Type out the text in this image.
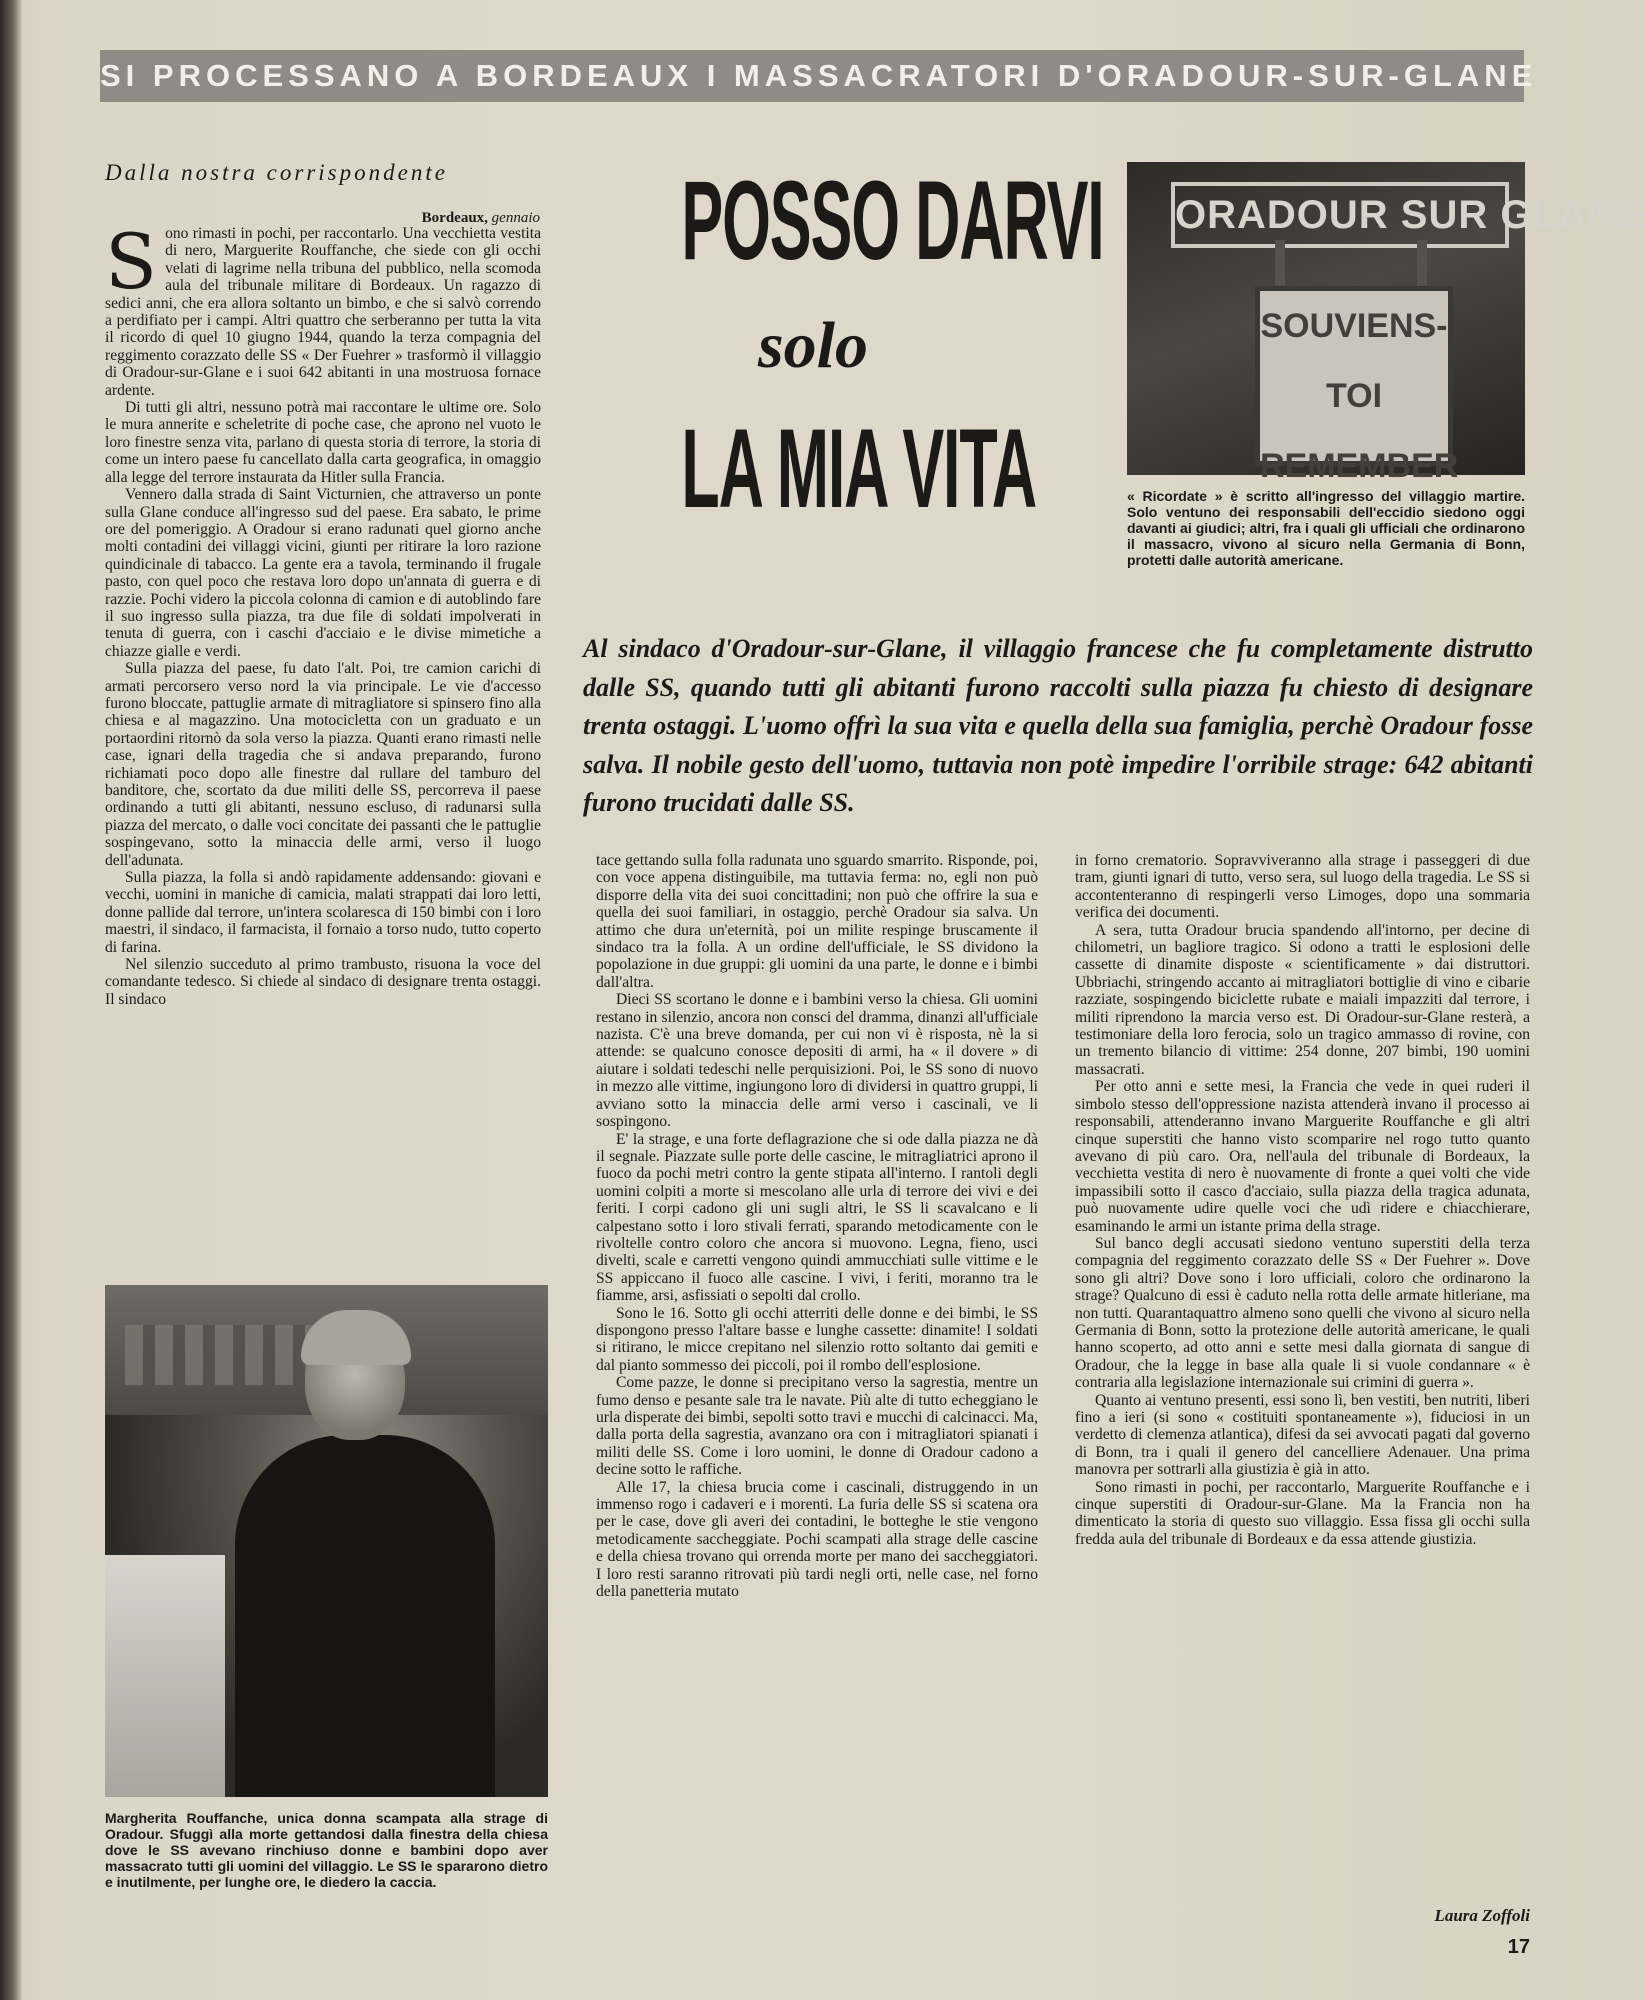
SI PROCESSANO A BORDEAUX I MASSACRATORI D'ORADOUR-SUR-GLANE
Dalla nostra corrispondente
Bordeaux, gennaio

Sono rimasti in pochi, per raccontarlo. Una vecchietta vestita di nero, Marguerite Rouffanche, che siede con gli occhi velati di lagrime nella tribuna del pubblico, nella scomoda aula del tribunale militare di Bordeaux. Un ragazzo di sedici anni, che era allora soltanto un bimbo, e che si salvò correndo a perdifiato per i campi. Altri quattro che serberanno per tutta la vita il ricordo di quel 10 giugno 1944, quando la terza compagnia del reggimento corazzato delle SS « Der Fuehrer » trasformò il villaggio di Oradour-sur-Glane e i suoi 642 abitanti in una mostruosa fornace ardente.

Di tutti gli altri, nessuno potrà mai raccontare le ultime ore. Solo le mura annerite e scheletrite di poche case, che aprono nel vuoto le loro finestre senza vita, parlano di questa storia di terrore, la storia di come un intero paese fu cancellato dalla carta geografica, in omaggio alla legge del terrore instaurata da Hitler sulla Francia.

Vennero dalla strada di Saint Victurnien, che attraverso un ponte sulla Glane conduce all'ingresso sud del paese. Era sabato, le prime ore del pomeriggio. A Oradour si erano radunati quel giorno anche molti contadini dei villaggi vicini, giunti per ritirare la loro razione quindicinale di tabacco. La gente era a tavola, terminando il frugale pasto, con quel poco che restava loro dopo un'annata di guerra e di razzie. Pochi videro la piccola colonna di camion e di autoblindo fare il suo ingresso sulla piazza, tra due file di soldati impolverati in tenuta di guerra, con i caschi d'acciaio e le divise mimetiche a chiazze gialle e verdi.

Sulla piazza del paese, fu dato l'alt. Poi, tre camion carichi di armati percorsero verso nord la via principale. Le vie d'accesso furono bloccate, pattuglie armate di mitragliatore si spinsero fino alla chiesa e al magazzino. Una motocicletta con un graduato e un portaordini ritornò da sola verso la piazza. Quanti erano rimasti nelle case, ignari della tragedia che si andava preparando, furono richiamati poco dopo alle finestre dal rullare del tamburo del banditore, che, scortato da due militi delle SS, percorreva il paese ordinando a tutti gli abitanti, nessuno escluso, di radunarsi sulla piazza del mercato, o dalle voci concitate dei passanti che le pattuglie sospingevano, sotto la minaccia delle armi, verso il luogo dell'adunata.

Sulla piazza, la folla si andò rapidamente addensando: giovani e vecchi, uomini in maniche di camicia, malati strappati dai loro letti, donne pallide dal terrore, un'intera scolaresca di 150 bimbi con i loro maestri, il sindaco, il farmacista, il fornaio a torso nudo, tutto coperto di farina.

Nel silenzio succeduto al primo trambusto, risuona la voce del comandante tedesco. Si chiede al sindaco di designare trenta ostaggi. Il sindaco

POSSO DARVI
solo
LA MIA VITA
ORADOUR SUR GLANE
SOUVIENS-TOI
REMEMBER
« Ricordate » è scritto all'ingresso del villaggio martire. Solo ventuno dei responsabili dell'eccidio siedono oggi davanti ai giudici; altri, fra i quali gli ufficiali che ordinarono il massacro, vivono al sicuro nella Germania di Bonn, protetti dalle autorità americane.
Al sindaco d'Oradour-sur-Glane, il villaggio francese che fu completamente distrutto dalle SS, quando tutti gli abitanti furono raccolti sulla piazza fu chiesto di designare trenta ostaggi. L'uomo offrì la sua vita e quella della sua famiglia, perchè Oradour fosse salva. Il nobile gesto dell'uomo, tuttavia non potè impedire l'orribile strage: 642 abitanti furono trucidati dalle SS.

tace gettando sulla folla radunata uno sguardo smarrito. Risponde, poi, con voce appena distinguibile, ma tuttavia ferma: no, egli non può disporre della vita dei suoi concittadini; non può che offrire la sua e quella dei suoi familiari, in ostaggio, perchè Oradour sia salva. Un attimo che dura un'eternità, poi un milite respinge bruscamente il sindaco tra la folla. A un ordine dell'ufficiale, le SS dividono la popolazione in due gruppi: gli uomini da una parte, le donne e i bimbi dall'altra.

Dieci SS scortano le donne e i bambini verso la chiesa. Gli uomini restano in silenzio, ancora non consci del dramma, dinanzi all'ufficiale nazista. C'è una breve domanda, per cui non vi è risposta, nè la si attende: se qualcuno conosce depositi di armi, ha « il dovere » di aiutare i soldati tedeschi nelle perquisizioni. Poi, le SS sono di nuovo in mezzo alle vittime, ingiungono loro di dividersi in quattro gruppi, li avviano sotto la minaccia delle armi verso i cascinali, ve li sospingono.

E' la strage, e una forte deflagrazione che si ode dalla piazza ne dà il segnale. Piazzate sulle porte delle cascine, le mitragliatrici aprono il fuoco da pochi metri contro la gente stipata all'interno. I rantoli degli uomini colpiti a morte si mescolano alle urla di terrore dei vivi e dei feriti. I corpi cadono gli uni sugli altri, le SS li scavalcano e li calpestano sotto i loro stivali ferrati, sparando metodicamente con le rivoltelle contro coloro che ancora si muovono. Legna, fieno, usci divelti, scale e carretti vengono quindi ammucchiati sulle vittime e le SS appiccano il fuoco alle cascine. I vivi, i feriti, moranno tra le fiamme, arsi, asfissiati o sepolti dal crollo.

Sono le 16. Sotto gli occhi atterriti delle donne e dei bimbi, le SS dispongono presso l'altare basse e lunghe cassette: dinamite! I soldati si ritirano, le micce crepitano nel silenzio rotto soltanto dai gemiti e dal pianto sommesso dei piccoli, poi il rombo dell'esplosione.

Come pazze, le donne si precipitano verso la sagrestia, mentre un fumo denso e pesante sale tra le navate. Più alte di tutto echeggiano le urla disperate dei bimbi, sepolti sotto travi e mucchi di calcinacci. Ma, dalla porta della sagrestia, avanzano ora con i mitragliatori spianati i militi delle SS. Come i loro uomini, le donne di Oradour cadono a decine sotto le raffiche.

Alle 17, la chiesa brucia come i cascinali, distruggendo in un immenso rogo i cadaveri e i morenti. La furia delle SS si scatena ora per le case, dove gli averi dei contadini, le botteghe le stie vengono metodicamente saccheggiate. Pochi scampati alla strage delle cascine e della chiesa trovano qui orrenda morte per mano dei saccheggiatori. I loro resti saranno ritrovati più tardi negli orti, nelle case, nel forno della panetteria mutato

in forno crematorio. Sopravviveranno alla strage i passeggeri di due tram, giunti ignari di tutto, verso sera, sul luogo della tragedia. Le SS si accontenteranno di respingerli verso Limoges, dopo una sommaria verifica dei documenti.

A sera, tutta Oradour brucia spandendo all'intorno, per decine di chilometri, un bagliore tragico. Si odono a tratti le esplosioni delle cassette di dinamite disposte « scientificamente » dai distruttori. Ubbriachi, stringendo accanto ai mitragliatori bottiglie di vino e cibarie razziate, sospingendo biciclette rubate e maiali impazziti dal terrore, i militi riprendono la marcia verso est. Di Oradour-sur-Glane resterà, a testimoniare della loro ferocia, solo un tragico ammasso di rovine, con un tremento bilancio di vittime: 254 donne, 207 bimbi, 190 uomini massacrati.

Per otto anni e sette mesi, la Francia che vede in quei ruderi il simbolo stesso dell'oppressione nazista attenderà invano il processo ai responsabili, attenderanno invano Marguerite Rouffanche e gli altri cinque superstiti che hanno visto scomparire nel rogo tutto quanto avevano di più caro. Ora, nell'aula del tribunale di Bordeaux, la vecchietta vestita di nero è nuovamente di fronte a quei volti che vide impassibili sotto il casco d'acciaio, sulla piazza della tragica adunata, può nuovamente udire quelle voci che udì ridere e chiacchierare, esaminando le armi un istante prima della strage.

Sul banco degli accusati siedono ventuno superstiti della terza compagnia del reggimento corazzato delle SS « Der Fuehrer ». Dove sono gli altri? Dove sono i loro ufficiali, coloro che ordinarono la strage? Qualcuno di essi è caduto nella rotta delle armate hitleriane, ma non tutti. Quarantaquattro almeno sono quelli che vivono al sicuro nella Germania di Bonn, sotto la protezione delle autorità americane, le quali hanno scoperto, ad otto anni e sette mesi dalla giornata di sangue di Oradour, che la legge in base alla quale li si vuole condannare « è contraria alla legislazione internazionale sui crimini di guerra ».

Quanto ai ventuno presenti, essi sono lì, ben vestiti, ben nutriti, liberi fino a ieri (si sono « costituiti spontaneamente »), fiduciosi in un verdetto di clemenza atlantica), difesi da sei avvocati pagati dal governo di Bonn, tra i quali il genero del cancelliere Adenauer. Una prima manovra per sottrarli alla giustizia è già in atto.

Sono rimasti in pochi, per raccontarlo, Marguerite Rouffanche e i cinque superstiti di Oradour-sur-Glane. Ma la Francia non ha dimenticato la storia di questo suo villaggio. Essa fissa gli occhi sulla fredda aula del tribunale di Bordeaux e da essa attende giustizia.

Margherita Rouffanche, unica donna scampata alla strage di Oradour. Sfuggì alla morte gettandosi dalla finestra della chiesa dove le SS avevano rinchiuso donne e bambini dopo aver massacrato tutti gli uomini del villaggio. Le SS le spararono dietro e inutilmente, per lunghe ore, le diedero la caccia.
Laura Zoffoli
17
